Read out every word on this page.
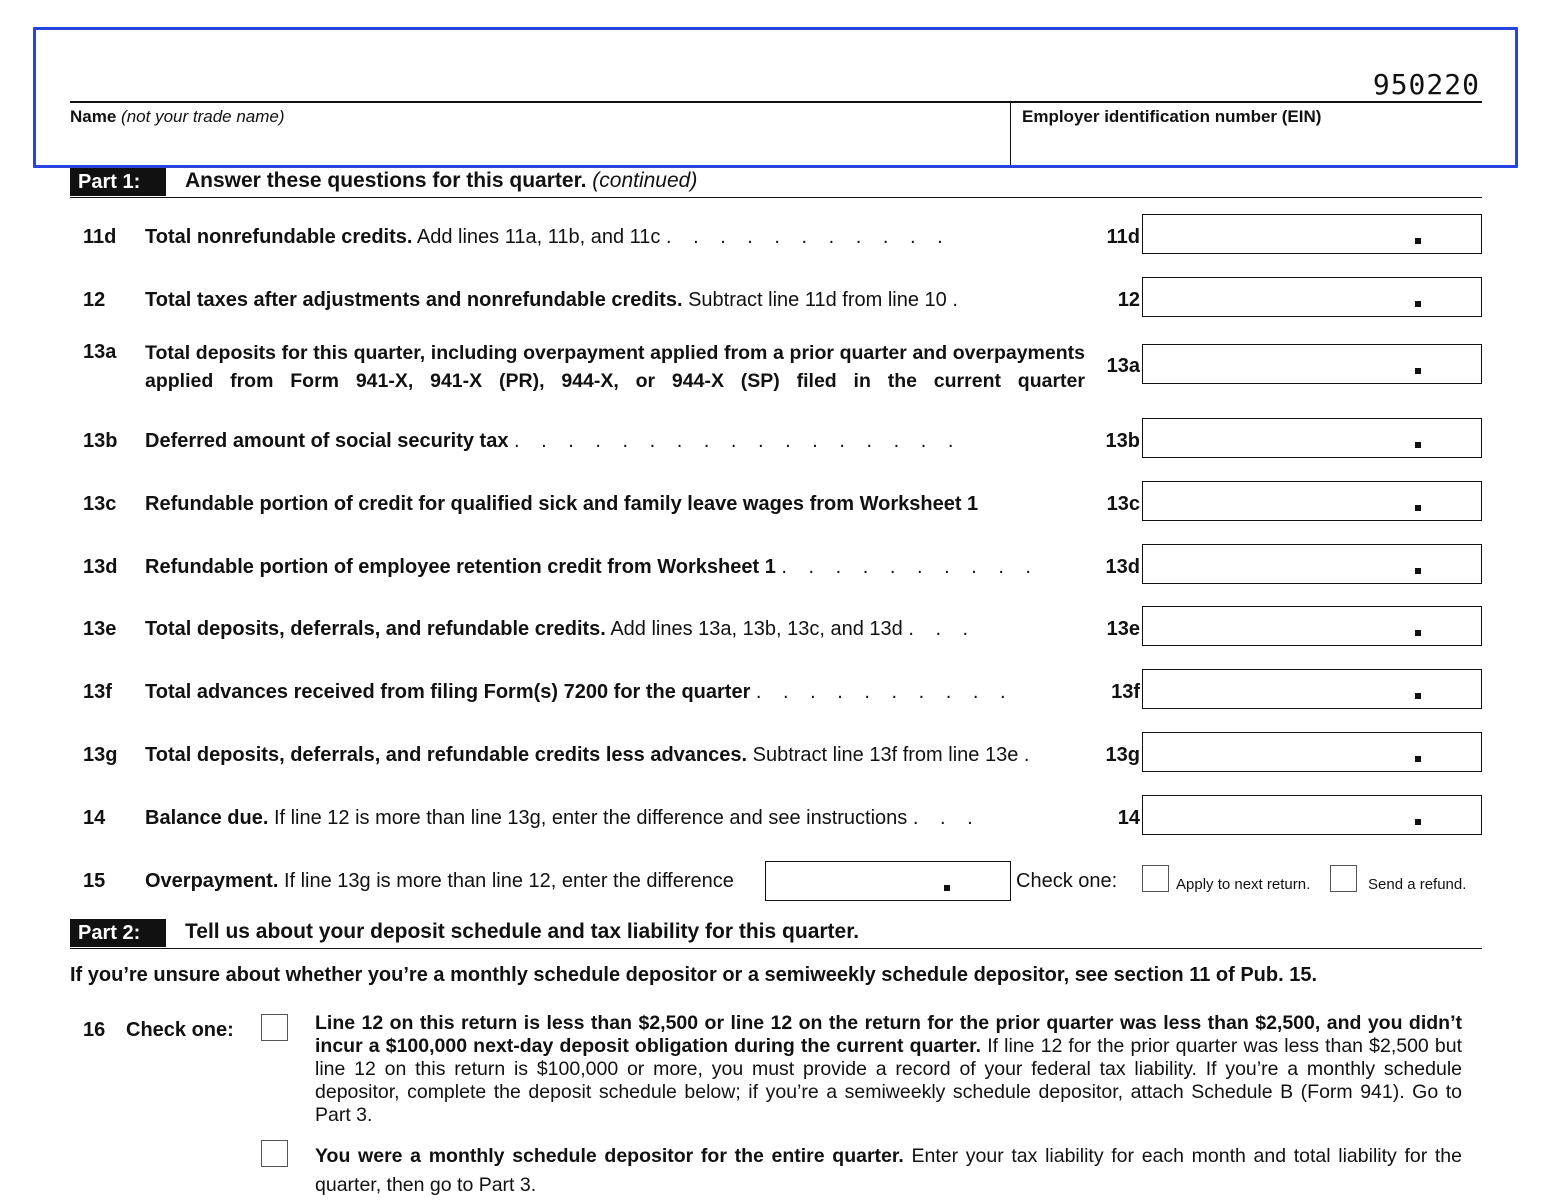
950220
Name (not your trade name)	Employer identification number (EIN)
Part 1:	Answer these questions for this quarter. (continued)
11d Total nonrefundable credits. Add lines 11a, 11b, and 11c . . . . . . . . . . .	11d
12 Total taxes after adjustments and nonrefundable credits. Subtract line 11d from line 10 .	12
13a Total deposits for this quarter, including overpayment applied from a prior quarter and overpayments applied from Form 941-X, 941-X (PR), 944-X, or 944-X (SP) filed in the current quarter
13a
13b Deferred amount of social security tax . . . . . . . . . . . . . . . . .	13b
13c Refundable portion of credit for qualified sick and family leave wages from Worksheet 1	13c
13d Refundable portion of employee retention credit from Worksheet 1 . . . . . . . . . .	13d
13e Total deposits, deferrals, and refundable credits. Add lines 13a, 13b, 13c, and 13d . . .	13e
13f Total advances received from filing Form(s) 7200 for the quarter . . . . . . . . . .	13f
13g Total deposits, deferrals, and refundable credits less advances. Subtract line 13f from line 13e .	13g
14 Balance due. If line 12 is more than line 13g, enter the difference and see instructions . . .	14
15 Overpayment. If line 13g is more than line 12, enter the difference	Check one:	Apply to next return.	Send a refund.
Part 2:	Tell us about your deposit schedule and tax liability for this quarter.
If you’re unsure about whether you’re a monthly schedule depositor or a semiweekly schedule depositor, see section 11 of Pub. 15.
16 Check one:	Line 12 on this return is less than $2,500 or line 12 on the return for the prior quarter was less than $2,500, and you didn’t incur a $100,000 next-day deposit obligation during the current quarter. If line 12 for the prior quarter was less than $2,500 but line 12 on this return is $100,000 or more, you must provide a record of your federal tax liability. If you’re a monthly schedule depositor, complete the deposit schedule below; if you’re a semiweekly schedule depositor, attach Schedule B (Form 941). Go to Part 3.
You were a monthly schedule depositor for the entire quarter. Enter your tax liability for each month and total liability for the quarter, then go to Part 3.
